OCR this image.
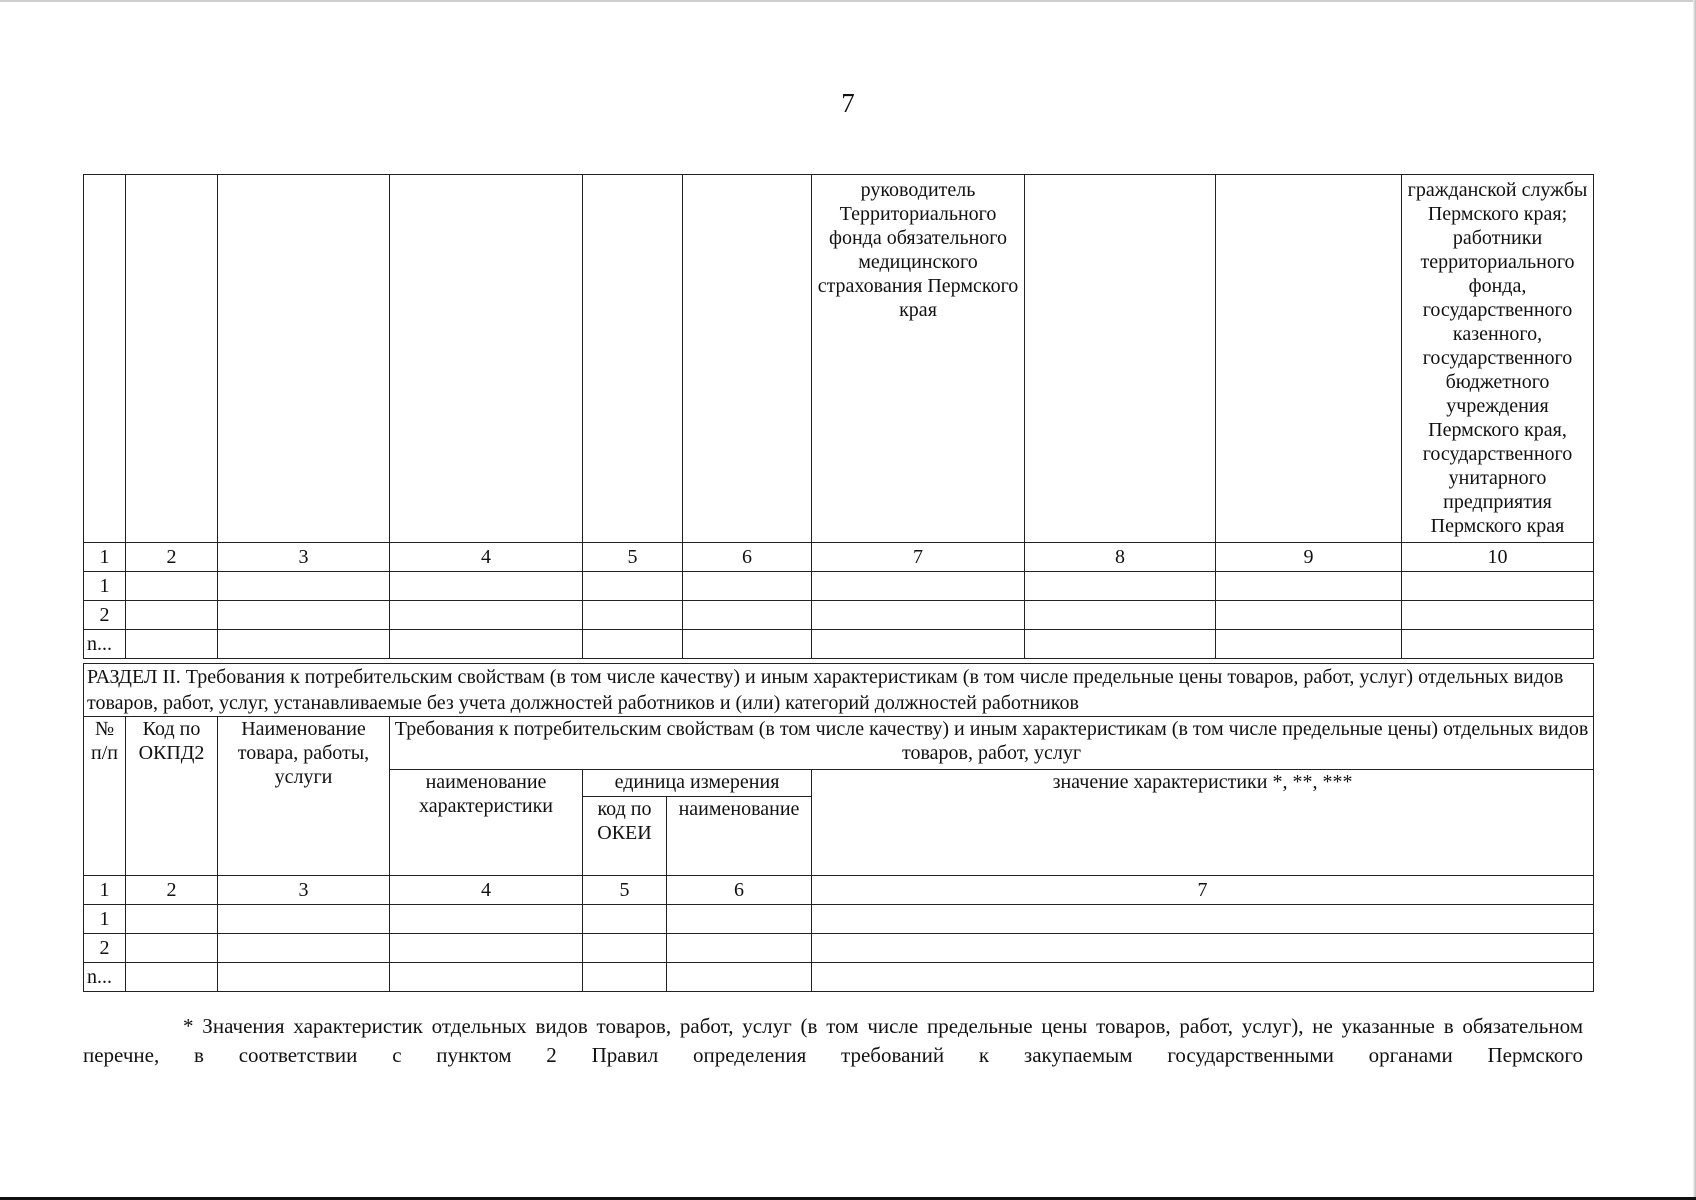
7
						руководитель Территориального фонда обязательного медицинского страхования Пермского края			гражданской службы Пермского края; работники территориального фонда, государственного казенного, государственного бюджетного учреждения Пермского края, государственного унитарного предприятия Пермского края
1	2	3	4	5	6	7	8	9	10
1									
2									
n...									
РАЗДЕЛ II. Требования к потребительским свойствам (в том числе качеству) и иным характеристикам (в том числе предельные цены товаров, работ, услуг) отдельных видов товаров, работ, услуг, устанавливаемые без учета должностей работников и (или) категорий должностей работников						
№ п/п	Код по ОКПД2	Наименование товара, работы, услуги	Требования к потребительским свойствам (в том числе качеству) и иным характеристикам (в том числе предельные цены) отдельных видов товаров, работ, услуг			
			наименование характеристики	единица измерения		значение характеристики *, **, ***
				код по ОКЕИ	наименование	
1	2	3	4	5	6	7
1						
2						
n...						
* Значения характеристик отдельных видов товаров, работ, услуг (в том числе предельные цены товаров, работ, услуг), не указанные в обязательном перечне, в соответствии с пунктом 2 Правил определения требований к закупаемым государственными органами Пермского
